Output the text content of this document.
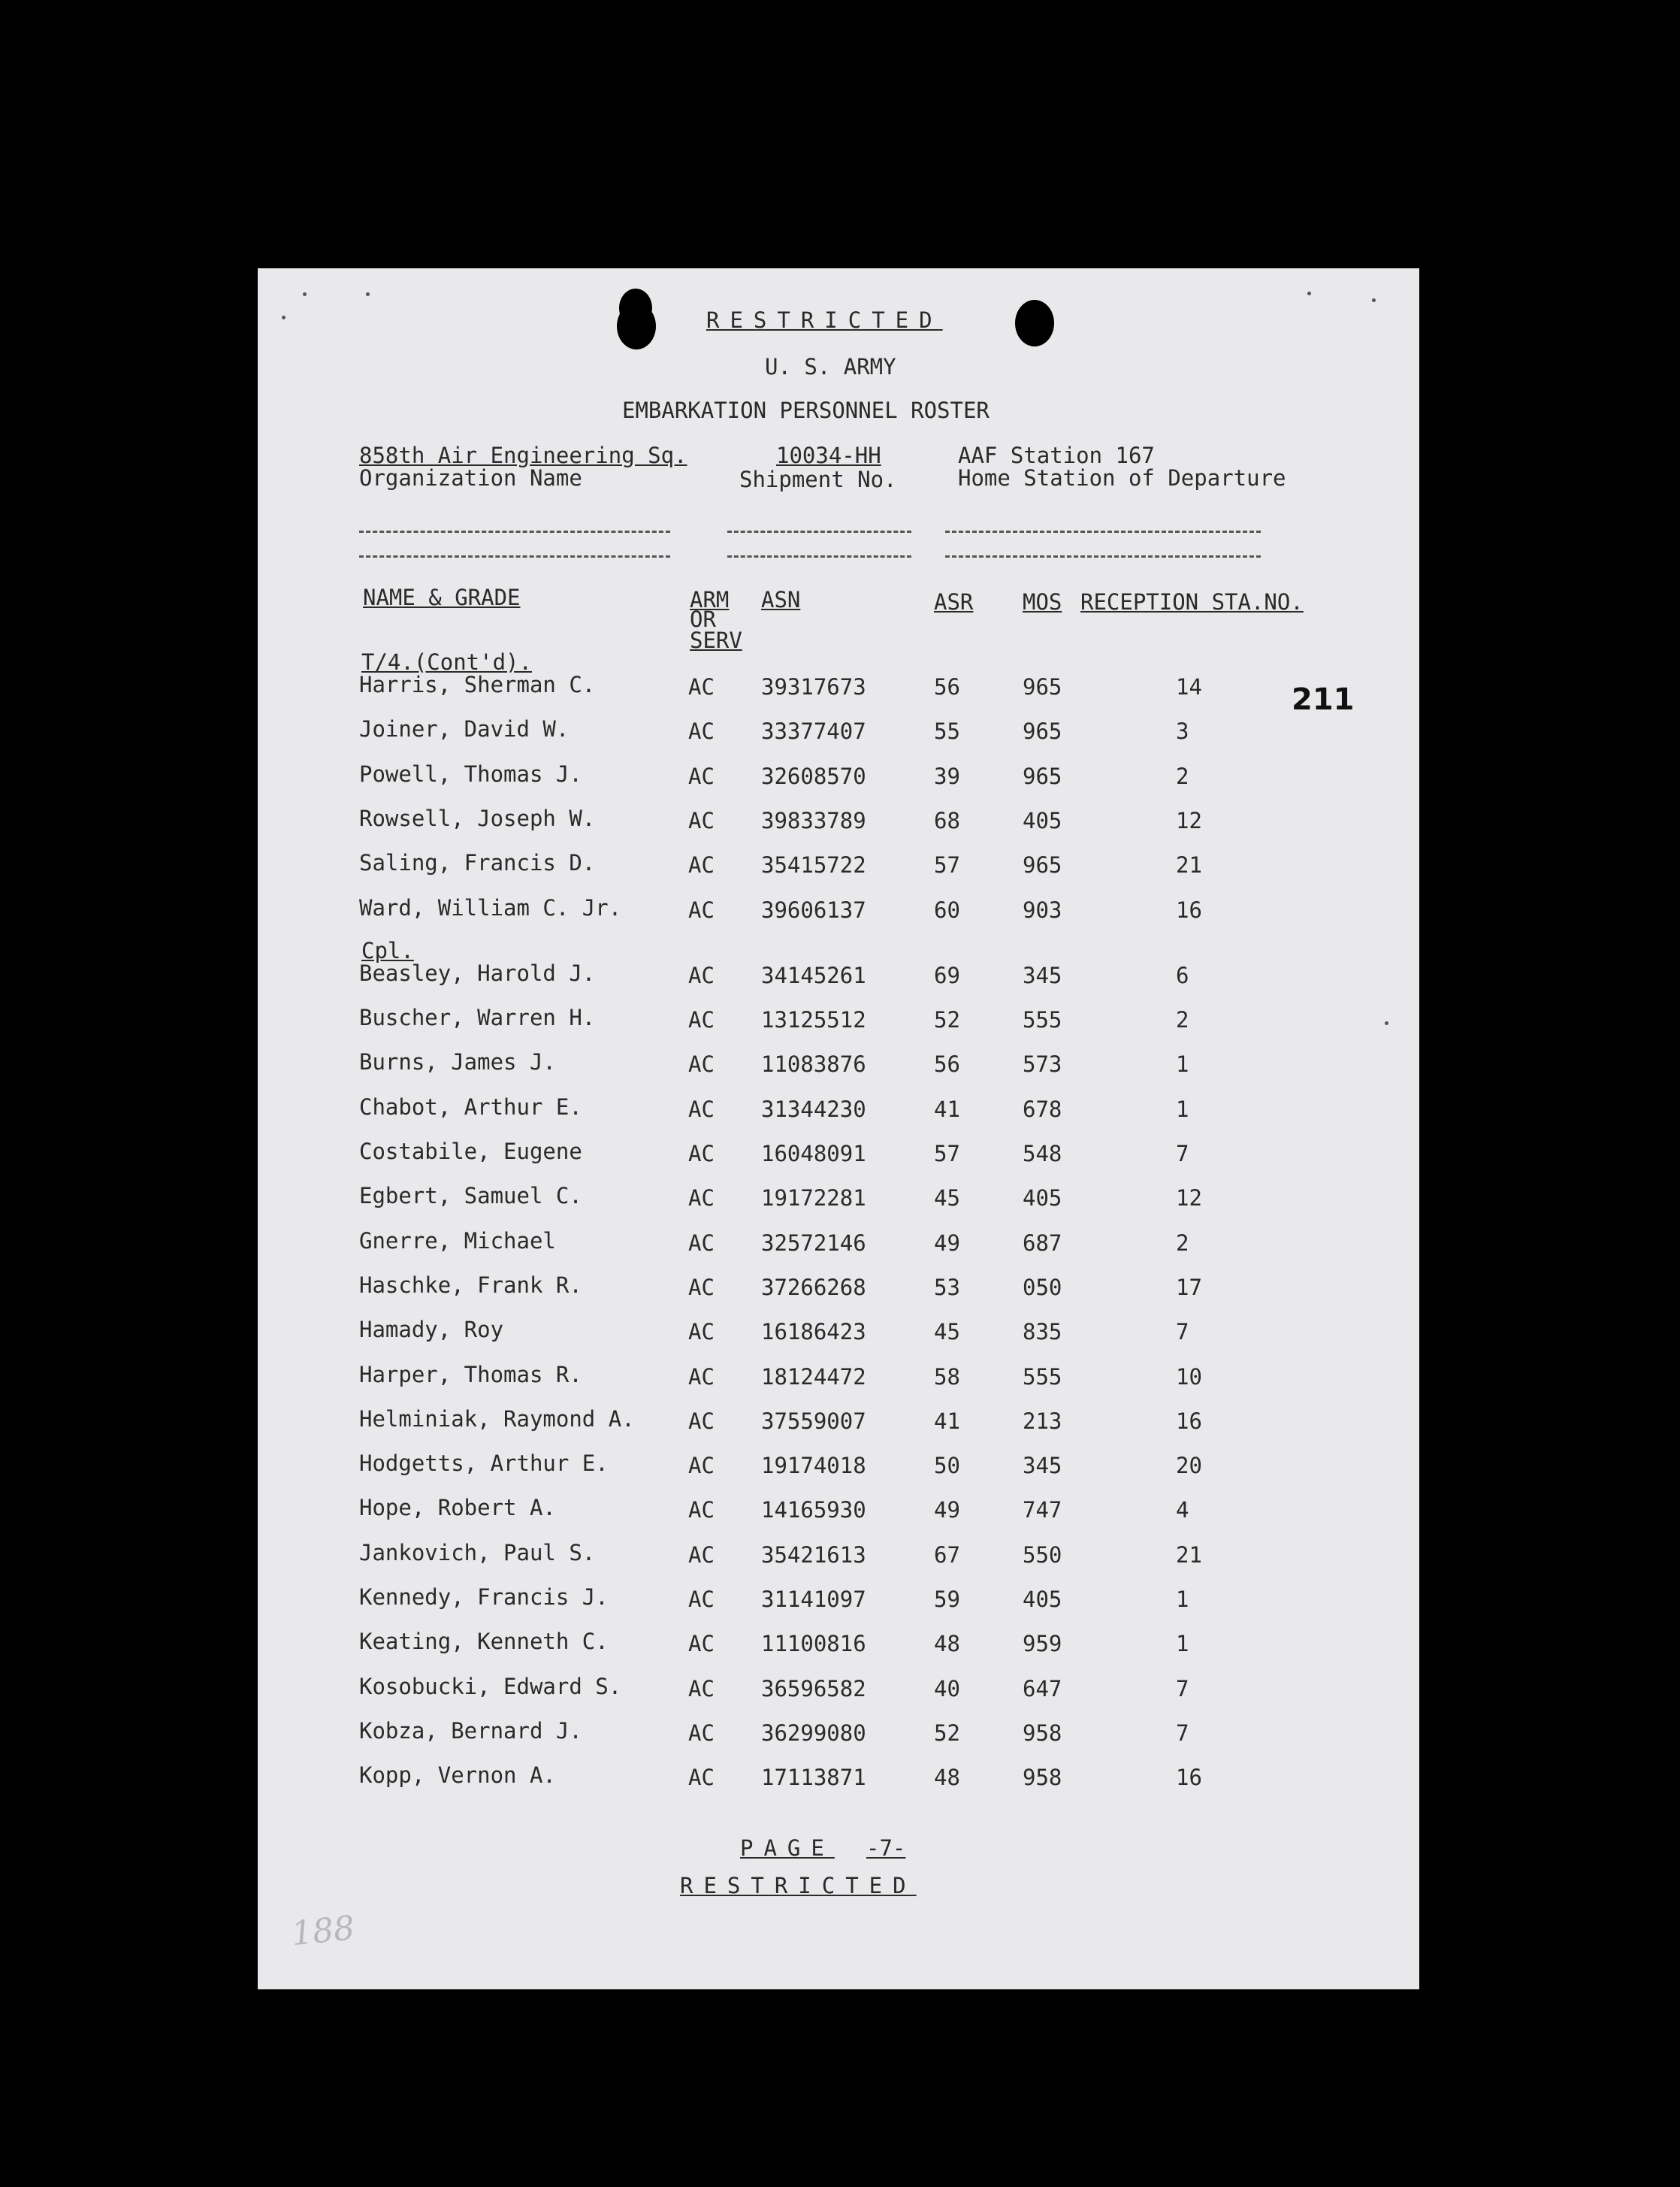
RESTRICTED
U. S. ARMY
EMBARKATION PERSONNEL ROSTER
858th Air Engineering Sq.
Organization Name
10034-HH
Shipment No.
AAF Station 167
Home Station of Departure
NAME & GRADE	ARM
OR
SERV
ASN	ASR MOS RECEPTION STA.NO.
211
T/4.(Cont'd).
Harris, Sherman C.	AC 39317673	56	965	14
Joiner, David W.	AC 33377407	55	965	3
Powell, Thomas J.	AC 32608570	39	965	2
Rowsell, Joseph W.	AC 39833789	68	405	12
Saling, Francis D.	AC 35415722	57	965	21
Ward, William C. Jr.	AC 39606137	60	903	16
Cpl.
Beasley, Harold J.	AC 34145261	69	345	6
Buscher, Warren H.	AC 13125512	52	555	2
Burns, James J.	AC 11083876	56	573	1
Chabot, Arthur E.	AC 31344230	41	678	1
Costabile, Eugene	AC 16048091	57	548	7
Egbert, Samuel C.	AC 19172281	45	405	12
Gnerre, Michael	AC 32572146	49	687	2
Haschke, Frank R.	AC 37266268	53	050	17
Hamady, Roy	AC 16186423	45	835	7
Harper, Thomas R.	AC 18124472	58	555	10
Helminiak, Raymond A. AC 37559007	41	213	16
Hodgetts, Arthur E.	AC 19174018	50	345	20
Hope, Robert A.	AC 14165930	49	747	4
Jankovich, Paul S.	AC 35421613	67	550	21
Kennedy, Francis J.	AC 31141097	59	405	1
Keating, Kenneth C.	AC 11100816	48	959	1
Kosobucki, Edward S.	AC 36596582	40	647	7
Kobza, Bernard J.	AC 36299080	52	958	7
Kopp, Vernon A.	AC 17113871	48	958	16
PAGE -7-
RESTRICTED
188
